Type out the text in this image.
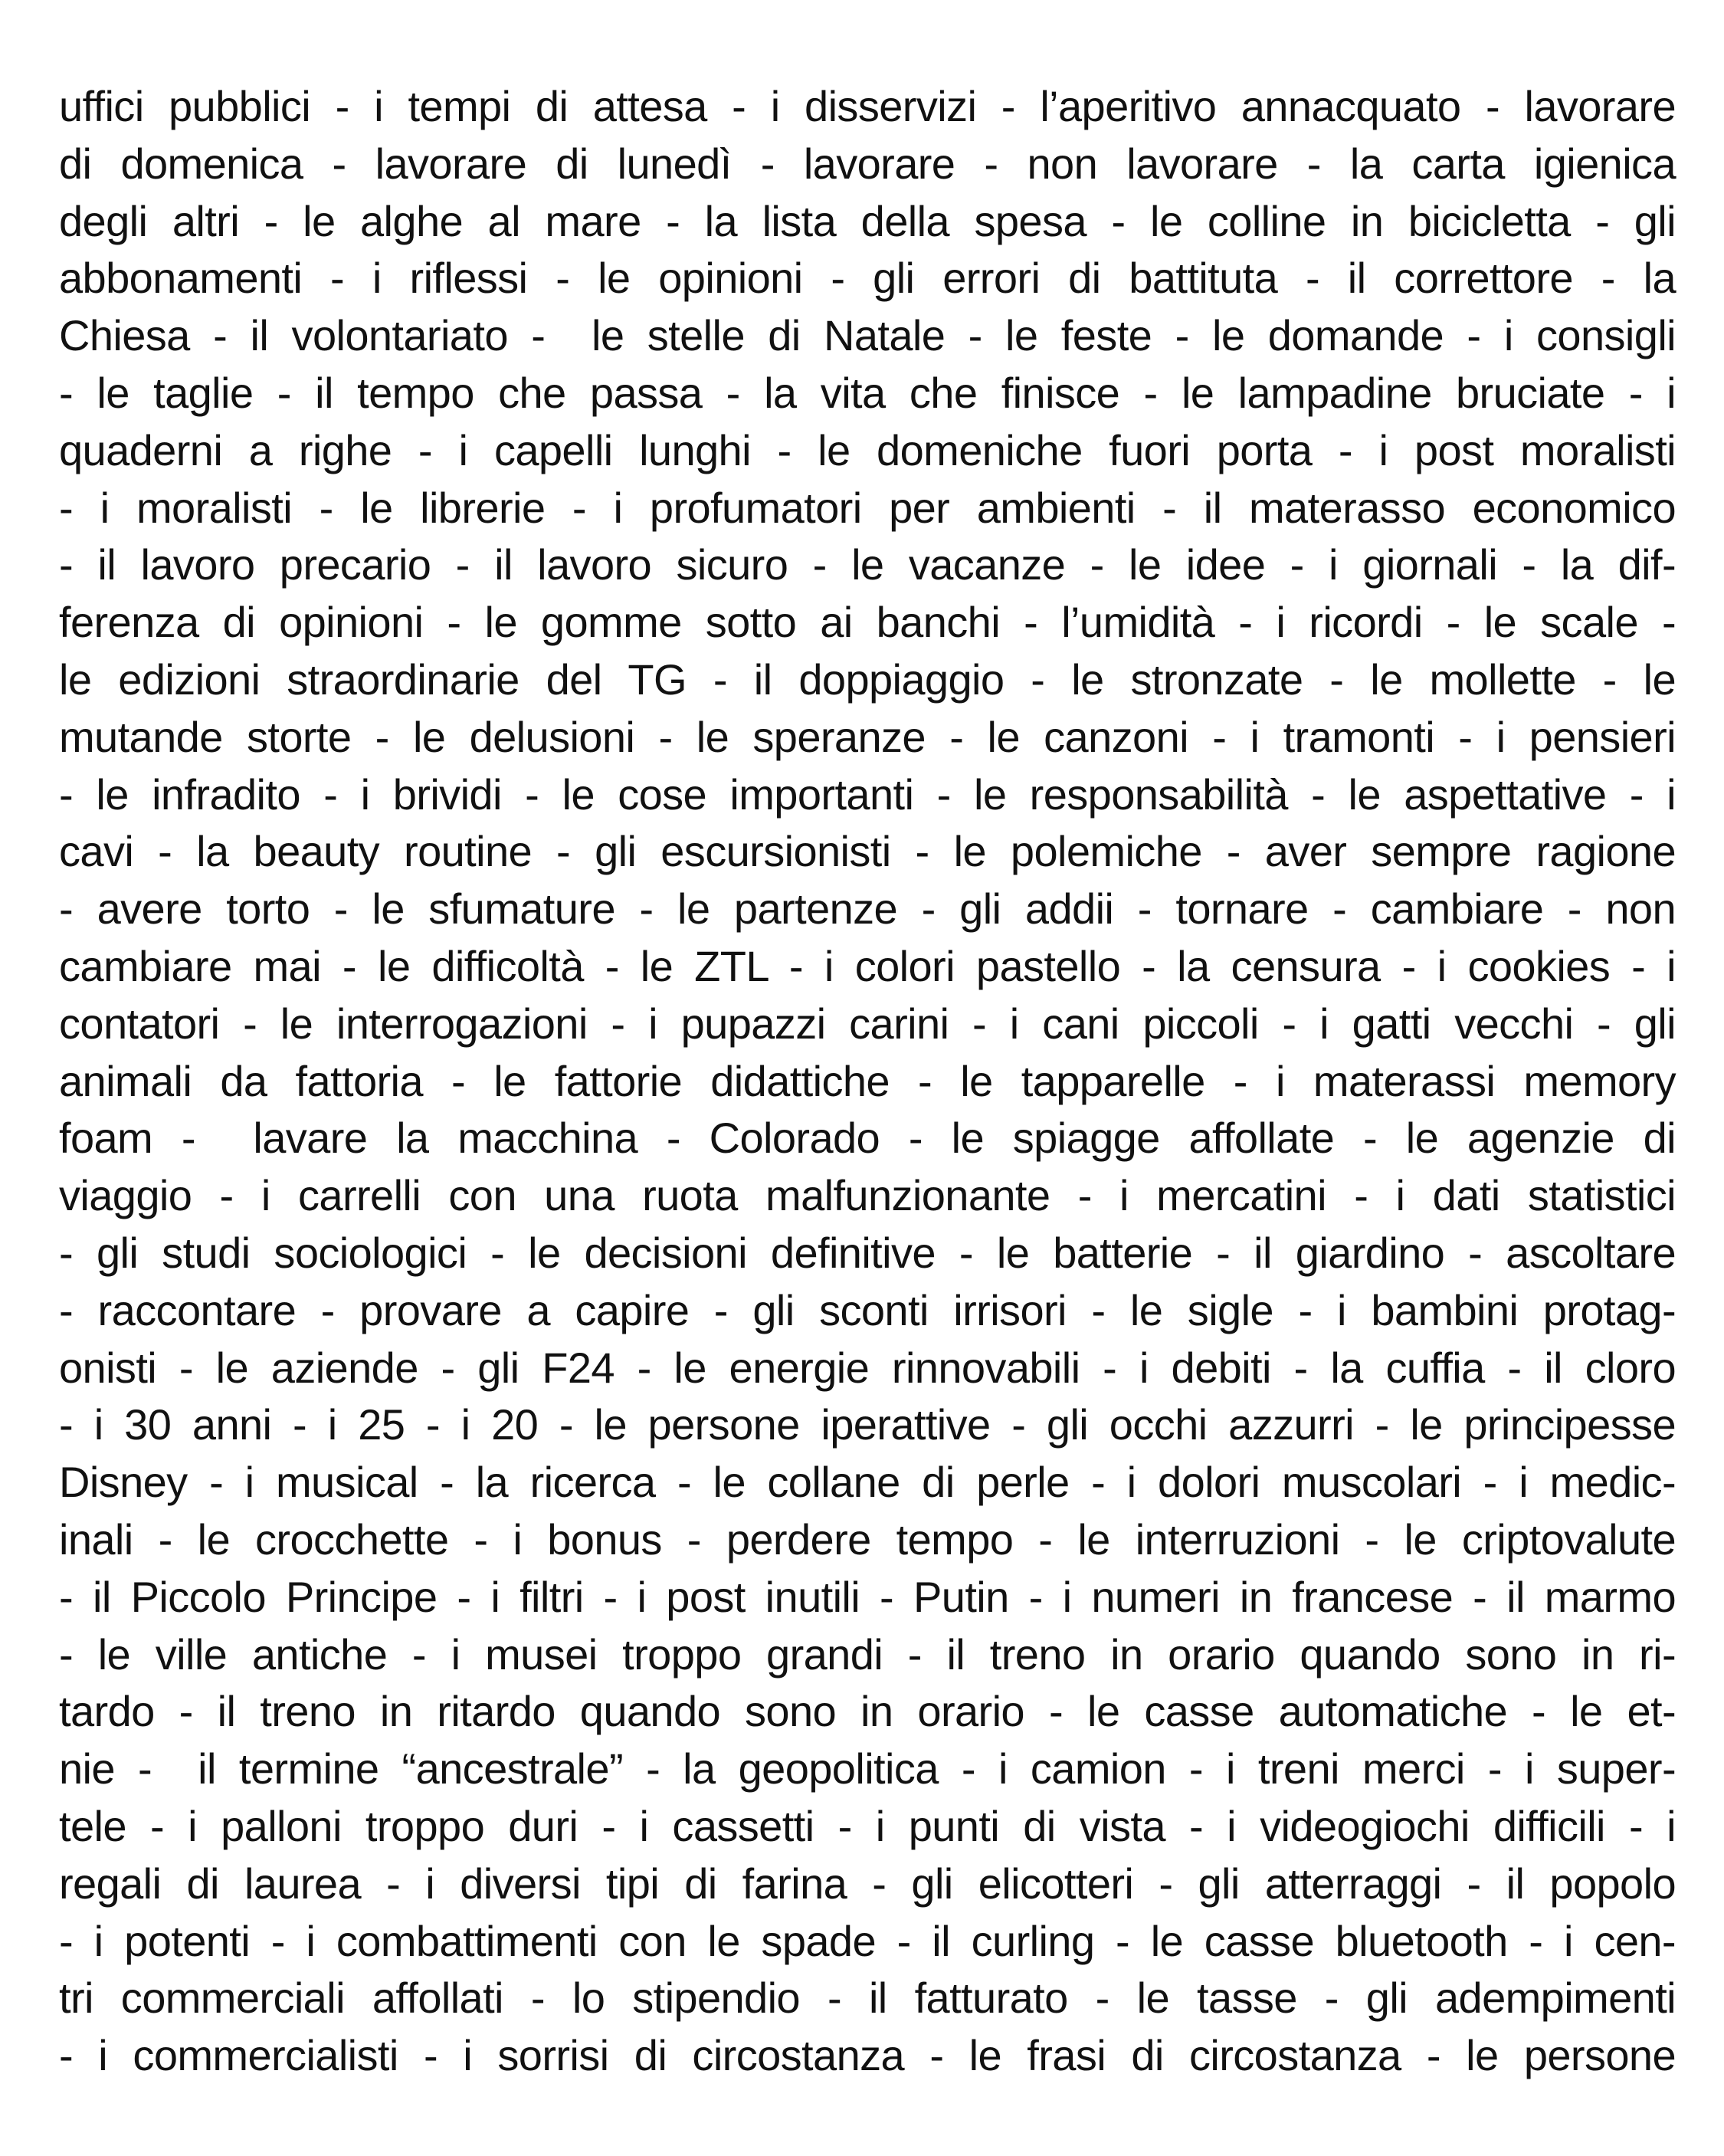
uffici pubblici - i tempi di attesa - i disservizi - l’aperitivo annacquato - lavorare
di domenica - lavorare di lunedì - lavorare - non lavorare - la carta igienica
degli altri - le alghe al mare - la lista della spesa - le colline in bicicletta - gli
abbonamenti - i riflessi - le opinioni - gli errori di battituta - il correttore - la
Chiesa - il volontariato -  le stelle di Natale - le feste - le domande - i consigli
- le taglie - il tempo che passa - la vita che finisce - le lampadine bruciate - i
quaderni a righe - i capelli lunghi - le domeniche fuori porta - i post moralisti
- i moralisti - le librerie - i profumatori per ambienti - il materasso economico
- il lavoro precario - il lavoro sicuro - le vacanze - le idee - i giornali - la dif-
ferenza di opinioni - le gomme sotto ai banchi - l’umidità - i ricordi - le scale -
le edizioni straordinarie del TG - il doppiaggio - le stronzate - le mollette - le
mutande storte - le delusioni - le speranze - le canzoni - i tramonti - i pensieri
- le infradito - i brividi - le cose importanti - le responsabilità - le aspettative - i
cavi - la beauty routine - gli escursionisti - le polemiche - aver sempre ragione
- avere torto - le sfumature - le partenze - gli addii - tornare - cambiare - non
cambiare mai - le difficoltà - le ZTL - i colori pastello - la censura - i cookies - i
contatori - le interrogazioni - i pupazzi carini - i cani piccoli - i gatti vecchi - gli
animali da fattoria - le fattorie didattiche - le tapparelle - i materassi memory
foam -  lavare la macchina - Colorado - le spiagge affollate - le agenzie di
viaggio - i carrelli con una ruota malfunzionante - i mercatini - i dati statistici
- gli studi sociologici - le decisioni definitive - le batterie - il giardino - ascoltare
- raccontare - provare a capire - gli sconti irrisori - le sigle - i bambini protag-
onisti - le aziende - gli F24 - le energie rinnovabili - i debiti - la cuffia - il cloro
- i 30 anni - i 25 - i 20 - le persone iperattive - gli occhi azzurri - le principesse
Disney - i musical - la ricerca - le collane di perle - i dolori muscolari - i medic-
inali - le crocchette - i bonus - perdere tempo - le interruzioni - le criptovalute
- il Piccolo Principe - i filtri - i post inutili - Putin - i numeri in francese - il marmo
- le ville antiche - i musei troppo grandi - il treno in orario quando sono in ri-
tardo - il treno in ritardo quando sono in orario - le casse automatiche - le et-
nie -  il termine “ancestrale” - la geopolitica - i camion - i treni merci - i super-
tele - i palloni troppo duri - i cassetti - i punti di vista - i videogiochi difficili - i
regali di laurea - i diversi tipi di farina - gli elicotteri - gli atterraggi - il popolo
- i potenti - i combattimenti con le spade - il curling - le casse bluetooth - i cen-
tri commerciali affollati - lo stipendio - il fatturato - le tasse - gli adempimenti
- i commercialisti - i sorrisi di circostanza - le frasi di circostanza - le persone
